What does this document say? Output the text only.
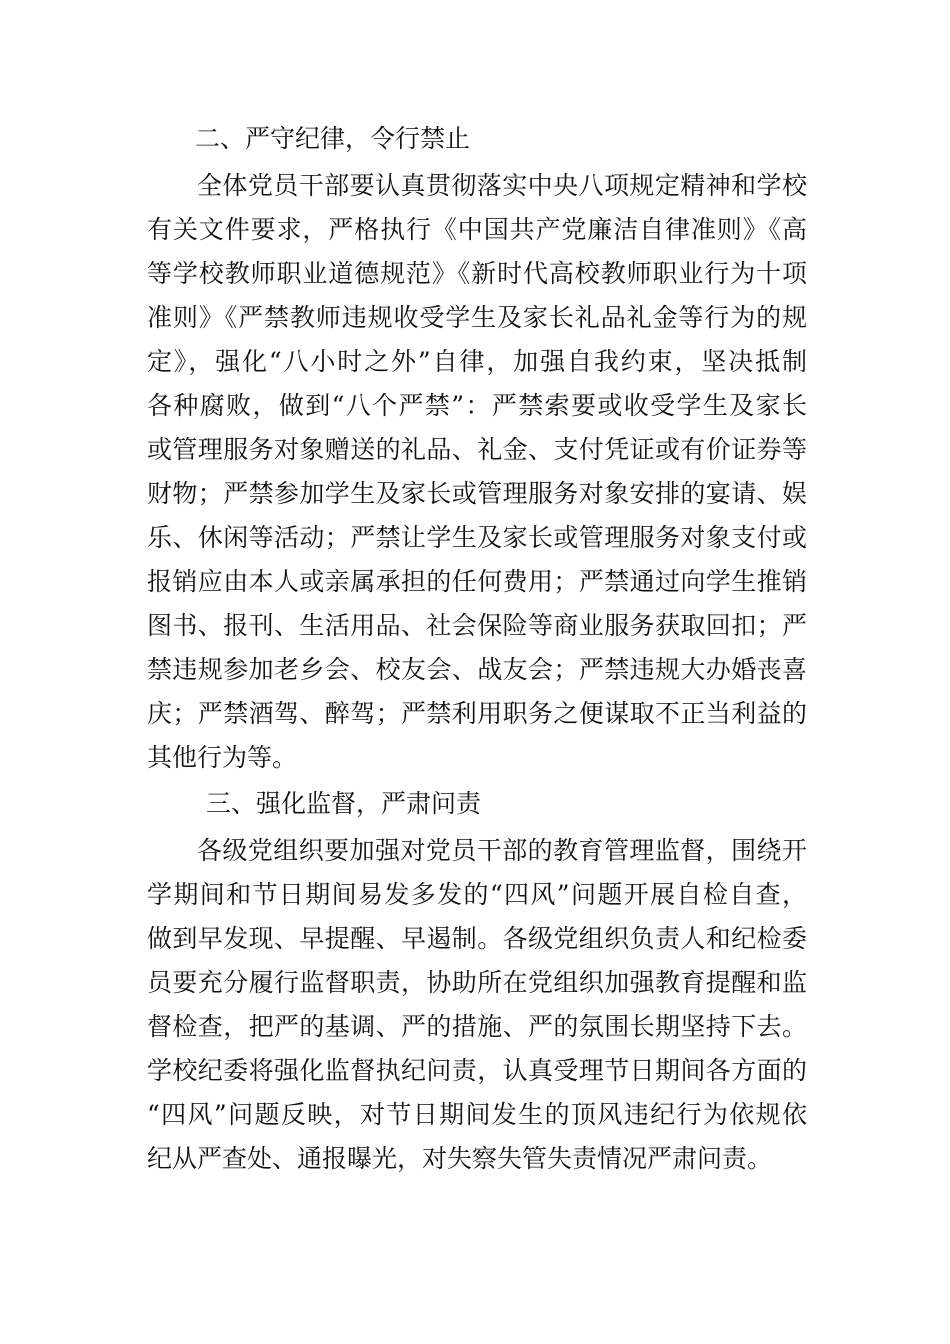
二、严守纪律，令行禁止
全体党员干部要认真贯彻落实中央八项规定精神和学校
有关文件要求，严格执行《中国共产党廉洁自律准则》《高
等学校教师职业道德规范》《新时代高校教师职业行为十项
准则》《严禁教师违规收受学生及家长礼品礼金等行为的规
定》，强化“八小时之外”自律，加强自我约束，坚决抵制
各种腐败，做到“八个严禁”：严禁索要或收受学生及家长
或管理服务对象赠送的礼品、礼金、支付凭证或有价证券等
财物；严禁参加学生及家长或管理服务对象安排的宴请、娱
乐、休闲等活动；严禁让学生及家长或管理服务对象支付或
报销应由本人或亲属承担的任何费用；严禁通过向学生推销
图书、报刊、生活用品、社会保险等商业服务获取回扣；严
禁违规参加老乡会、校友会、战友会；严禁违规大办婚丧喜
庆；严禁酒驾、醉驾；严禁利用职务之便谋取不正当利益的
其他行为等。
三、强化监督，严肃问责
各级党组织要加强对党员干部的教育管理监督，围绕开
学期间和节日期间易发多发的“四风”问题开展自检自查，
做到早发现、早提醒、早遏制。各级党组织负责人和纪检委
员要充分履行监督职责，协助所在党组织加强教育提醒和监
督检查，把严的基调、严的措施、严的氛围长期坚持下去。
学校纪委将强化监督执纪问责，认真受理节日期间各方面的
“四风”问题反映，对节日期间发生的顶风违纪行为依规依
纪从严查处、通报曝光，对失察失管失责情况严肃问责。
